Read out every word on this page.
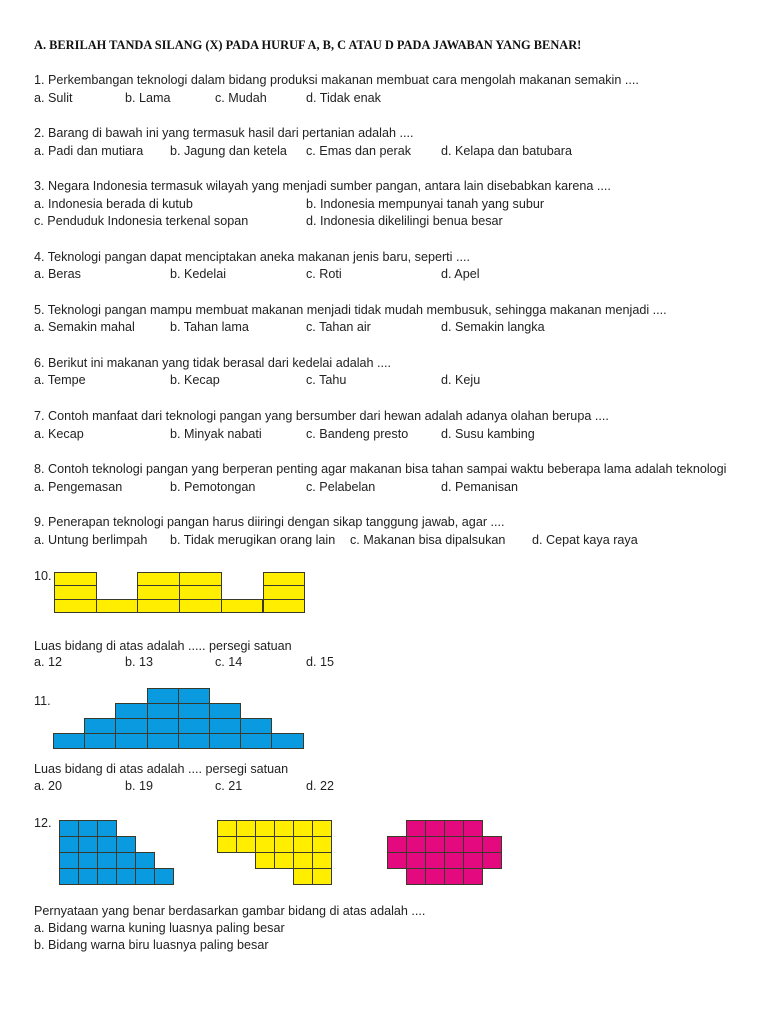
A. BERILAH TANDA SILANG (X) PADA HURUF A, B, C ATAU D PADA JAWABAN YANG BENAR!
1. Perkembangan teknologi dalam bidang produksi makanan membuat cara mengolah makanan semakin ....
a. Sulit	b. Lama	c. Mudah	d. Tidak enak
2. Barang di bawah ini yang termasuk hasil dari pertanian adalah ....
a. Padi dan mutiara b. Jagung dan ketela c. Emas dan perak d. Kelapa dan batubara
3. Negara Indonesia termasuk wilayah yang menjadi sumber pangan, antara lain disebabkan karena ....
a. Indonesia berada di kutub	b. Indonesia mempunyai tanah yang subur
c. Penduduk Indonesia terkenal sopan	d. Indonesia dikelilingi benua besar
4. Teknologi pangan dapat menciptakan aneka makanan jenis baru, seperti ....
a. Beras	b. Kedelai	c. Roti	d. Apel
5. Teknologi pangan mampu membuat makanan menjadi tidak mudah membusuk, sehingga makanan menjadi ....
a. Semakin mahal	b. Tahan lama	c. Tahan air	d. Semakin langka
6. Berikut ini makanan yang tidak berasal dari kedelai adalah ....
a. Tempe	b. Kecap	c. Tahu	d. Keju
7. Contoh manfaat dari teknologi pangan yang bersumber dari hewan adalah adanya olahan berupa ....
a. Kecap	b. Minyak nabati	c. Bandeng presto	d. Susu kambing
8. Contoh teknologi pangan yang berperan penting agar makanan bisa tahan sampai waktu beberapa lama adalah teknologi
a. Pengemasan	b. Pemotongan	c. Pelabelan	d. Pemanisan
9. Penerapan teknologi pangan harus diiringi dengan sikap tanggung jawab, agar ....
a. Untung berlimpah b. Tidak merugikan orang lain c. Makanan bisa dipalsukan d. Cepat kaya raya
10.
Luas bidang di atas adalah ..... persegi satuan
a. 12	b. 13	c. 14	d. 15
11.
Luas bidang di atas adalah .... persegi satuan
a. 20	b. 19	c. 21	d. 22
12.
Pernyataan yang benar berdasarkan gambar bidang di atas adalah ....
a. Bidang warna kuning luasnya paling besar
b. Bidang warna biru luasnya paling besar
